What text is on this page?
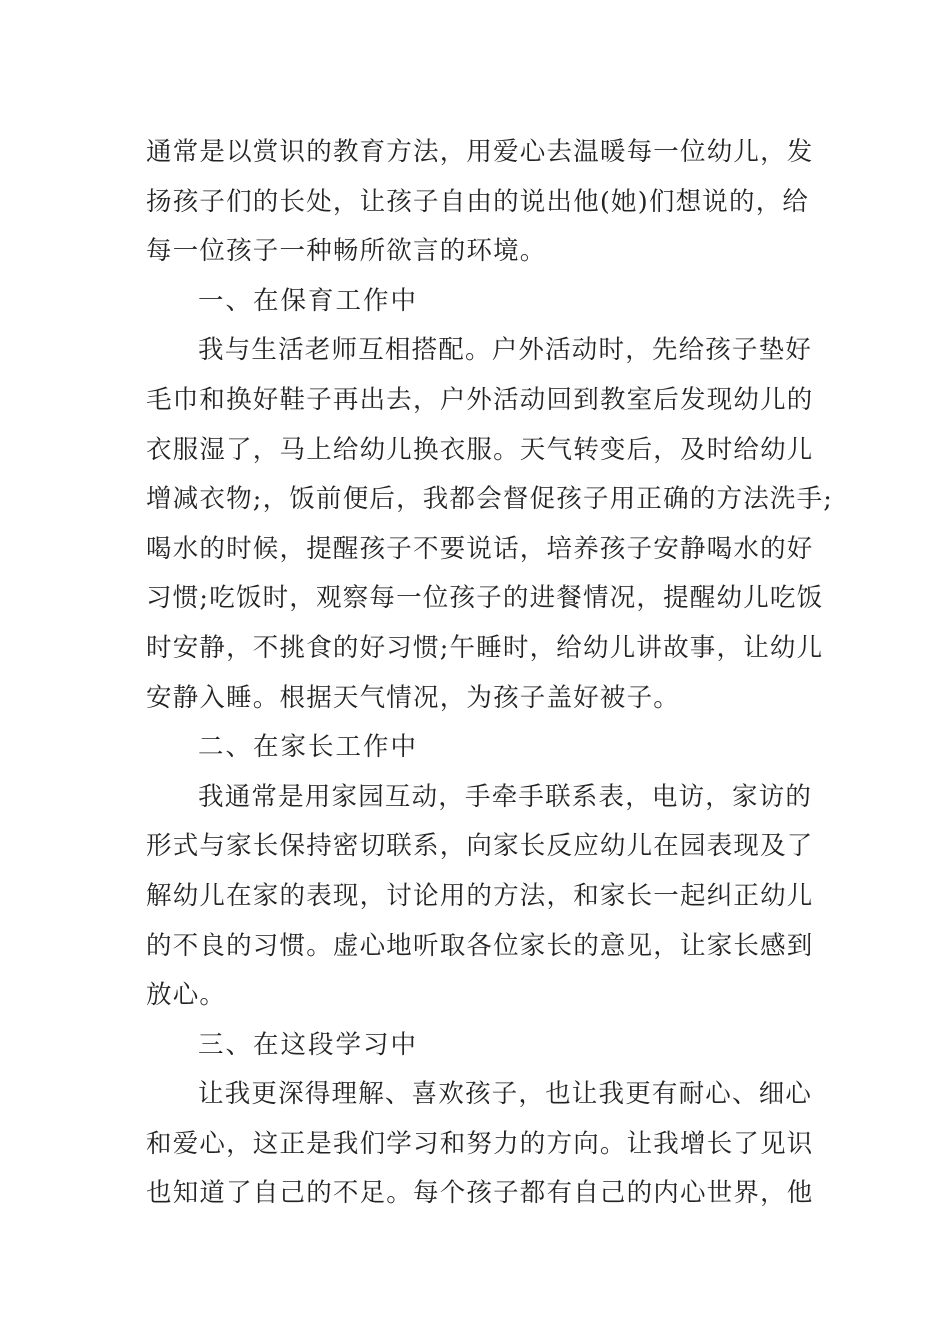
通常是以赏识的教育方法，用爱心去温暖每一位幼儿，发
扬孩子们的长处，让孩子自由的说出他(她)们想说的，给
每一位孩子一种畅所欲言的环境。
一、在保育工作中
我与生活老师互相搭配。户外活动时，先给孩子垫好
毛巾和换好鞋子再出去，户外活动回到教室后发现幼儿的
衣服湿了，马上给幼儿换衣服。天气转变后，及时给幼儿
增减衣物;，饭前便后，我都会督促孩子用正确的方法洗手;
喝水的时候，提醒孩子不要说话，培养孩子安静喝水的好
习惯;吃饭时，观察每一位孩子的进餐情况，提醒幼儿吃饭
时安静，不挑食的好习惯;午睡时，给幼儿讲故事，让幼儿
安静入睡。根据天气情况，为孩子盖好被子。
二、在家长工作中
我通常是用家园互动，手牵手联系表，电访，家访的
形式与家长保持密切联系，向家长反应幼儿在园表现及了
解幼儿在家的表现，讨论用的方法，和家长一起纠正幼儿
的不良的习惯。虚心地听取各位家长的意见，让家长感到
放心。
三、在这段学习中
让我更深得理解、喜欢孩子，也让我更有耐心、细心
和爱心，这正是我们学习和努力的方向。让我增长了见识
也知道了自己的不足。每个孩子都有自己的内心世界，他
